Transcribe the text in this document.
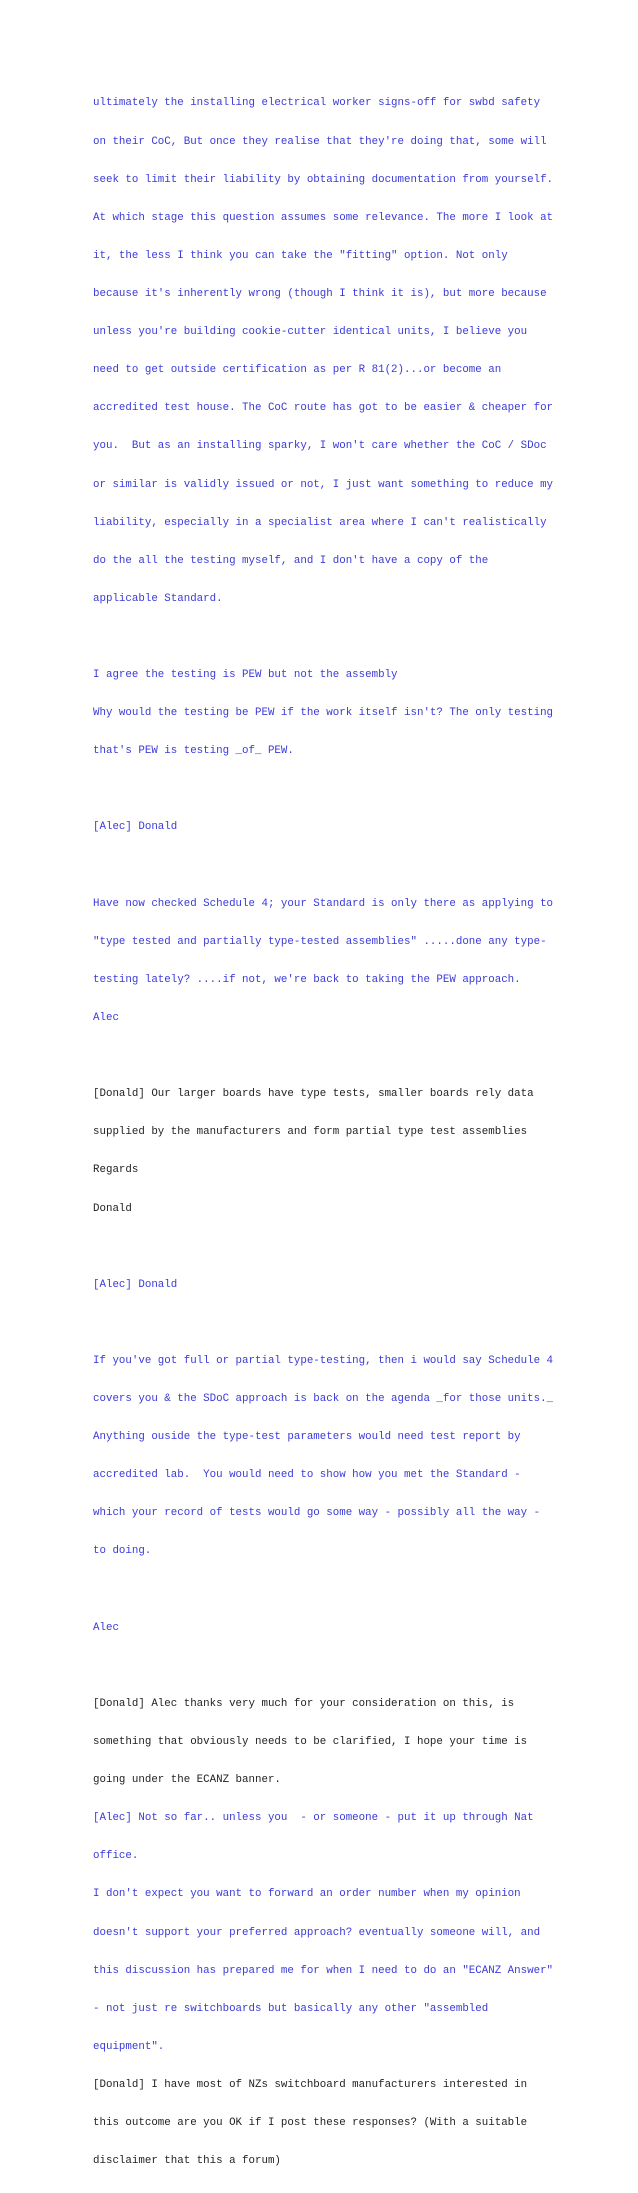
ultimately the installing electrical worker signs-off for swbd safety

on their CoC, But once they realise that they're doing that, some will

seek to limit their liability by obtaining documentation from yourself.

At which stage this question assumes some relevance. The more I look at

it, the less I think you can take the "fitting" option. Not only

because it's inherently wrong (though I think it is), but more because

unless you're building cookie-cutter identical units, I believe you

need to get outside certification as per R 81(2)...or become an

accredited test house. The CoC route has got to be easier & cheaper for

you.  But as an installing sparky, I won't care whether the CoC / SDoc

or similar is validly issued or not, I just want something to reduce my

liability, especially in a specialist area where I can't realistically

do the all the testing myself, and I don't have a copy of the

applicable Standard.

I agree the testing is PEW but not the assembly

Why would the testing be PEW if the work itself isn't? The only testing

that's PEW is testing _of_ PEW.

[Alec] Donald

Have now checked Schedule 4; your Standard is only there as applying to

"type tested and partially type-tested assemblies" .....done any type-

testing lately? ....if not, we're back to taking the PEW approach.

Alec

[Donald] Our larger boards have type tests, smaller boards rely data

supplied by the manufacturers and form partial type test assemblies

Regards

Donald

[Alec] Donald

If you've got full or partial type-testing, then i would say Schedule 4

covers you & the SDoC approach is back on the agenda _for those units._

Anything ouside the type-test parameters would need test report by

accredited lab.  You would need to show how you met the Standard -

which your record of tests would go some way - possibly all the way -

to doing.

Alec

[Donald] Alec thanks very much for your consideration on this, is

something that obviously needs to be clarified, I hope your time is

going under the ECANZ banner.

[Alec] Not so far.. unless you  - or someone - put it up through Nat

office.

I don't expect you want to forward an order number when my opinion

doesn't support your preferred approach? eventually someone will, and

this discussion has prepared me for when I need to do an "ECANZ Answer"

- not just re switchboards but basically any other "assembled

equipment".

[Donald] I have most of NZs switchboard manufacturers interested in

this outcome are you OK if I post these responses? (With a suitable

disclaimer that this a forum)
